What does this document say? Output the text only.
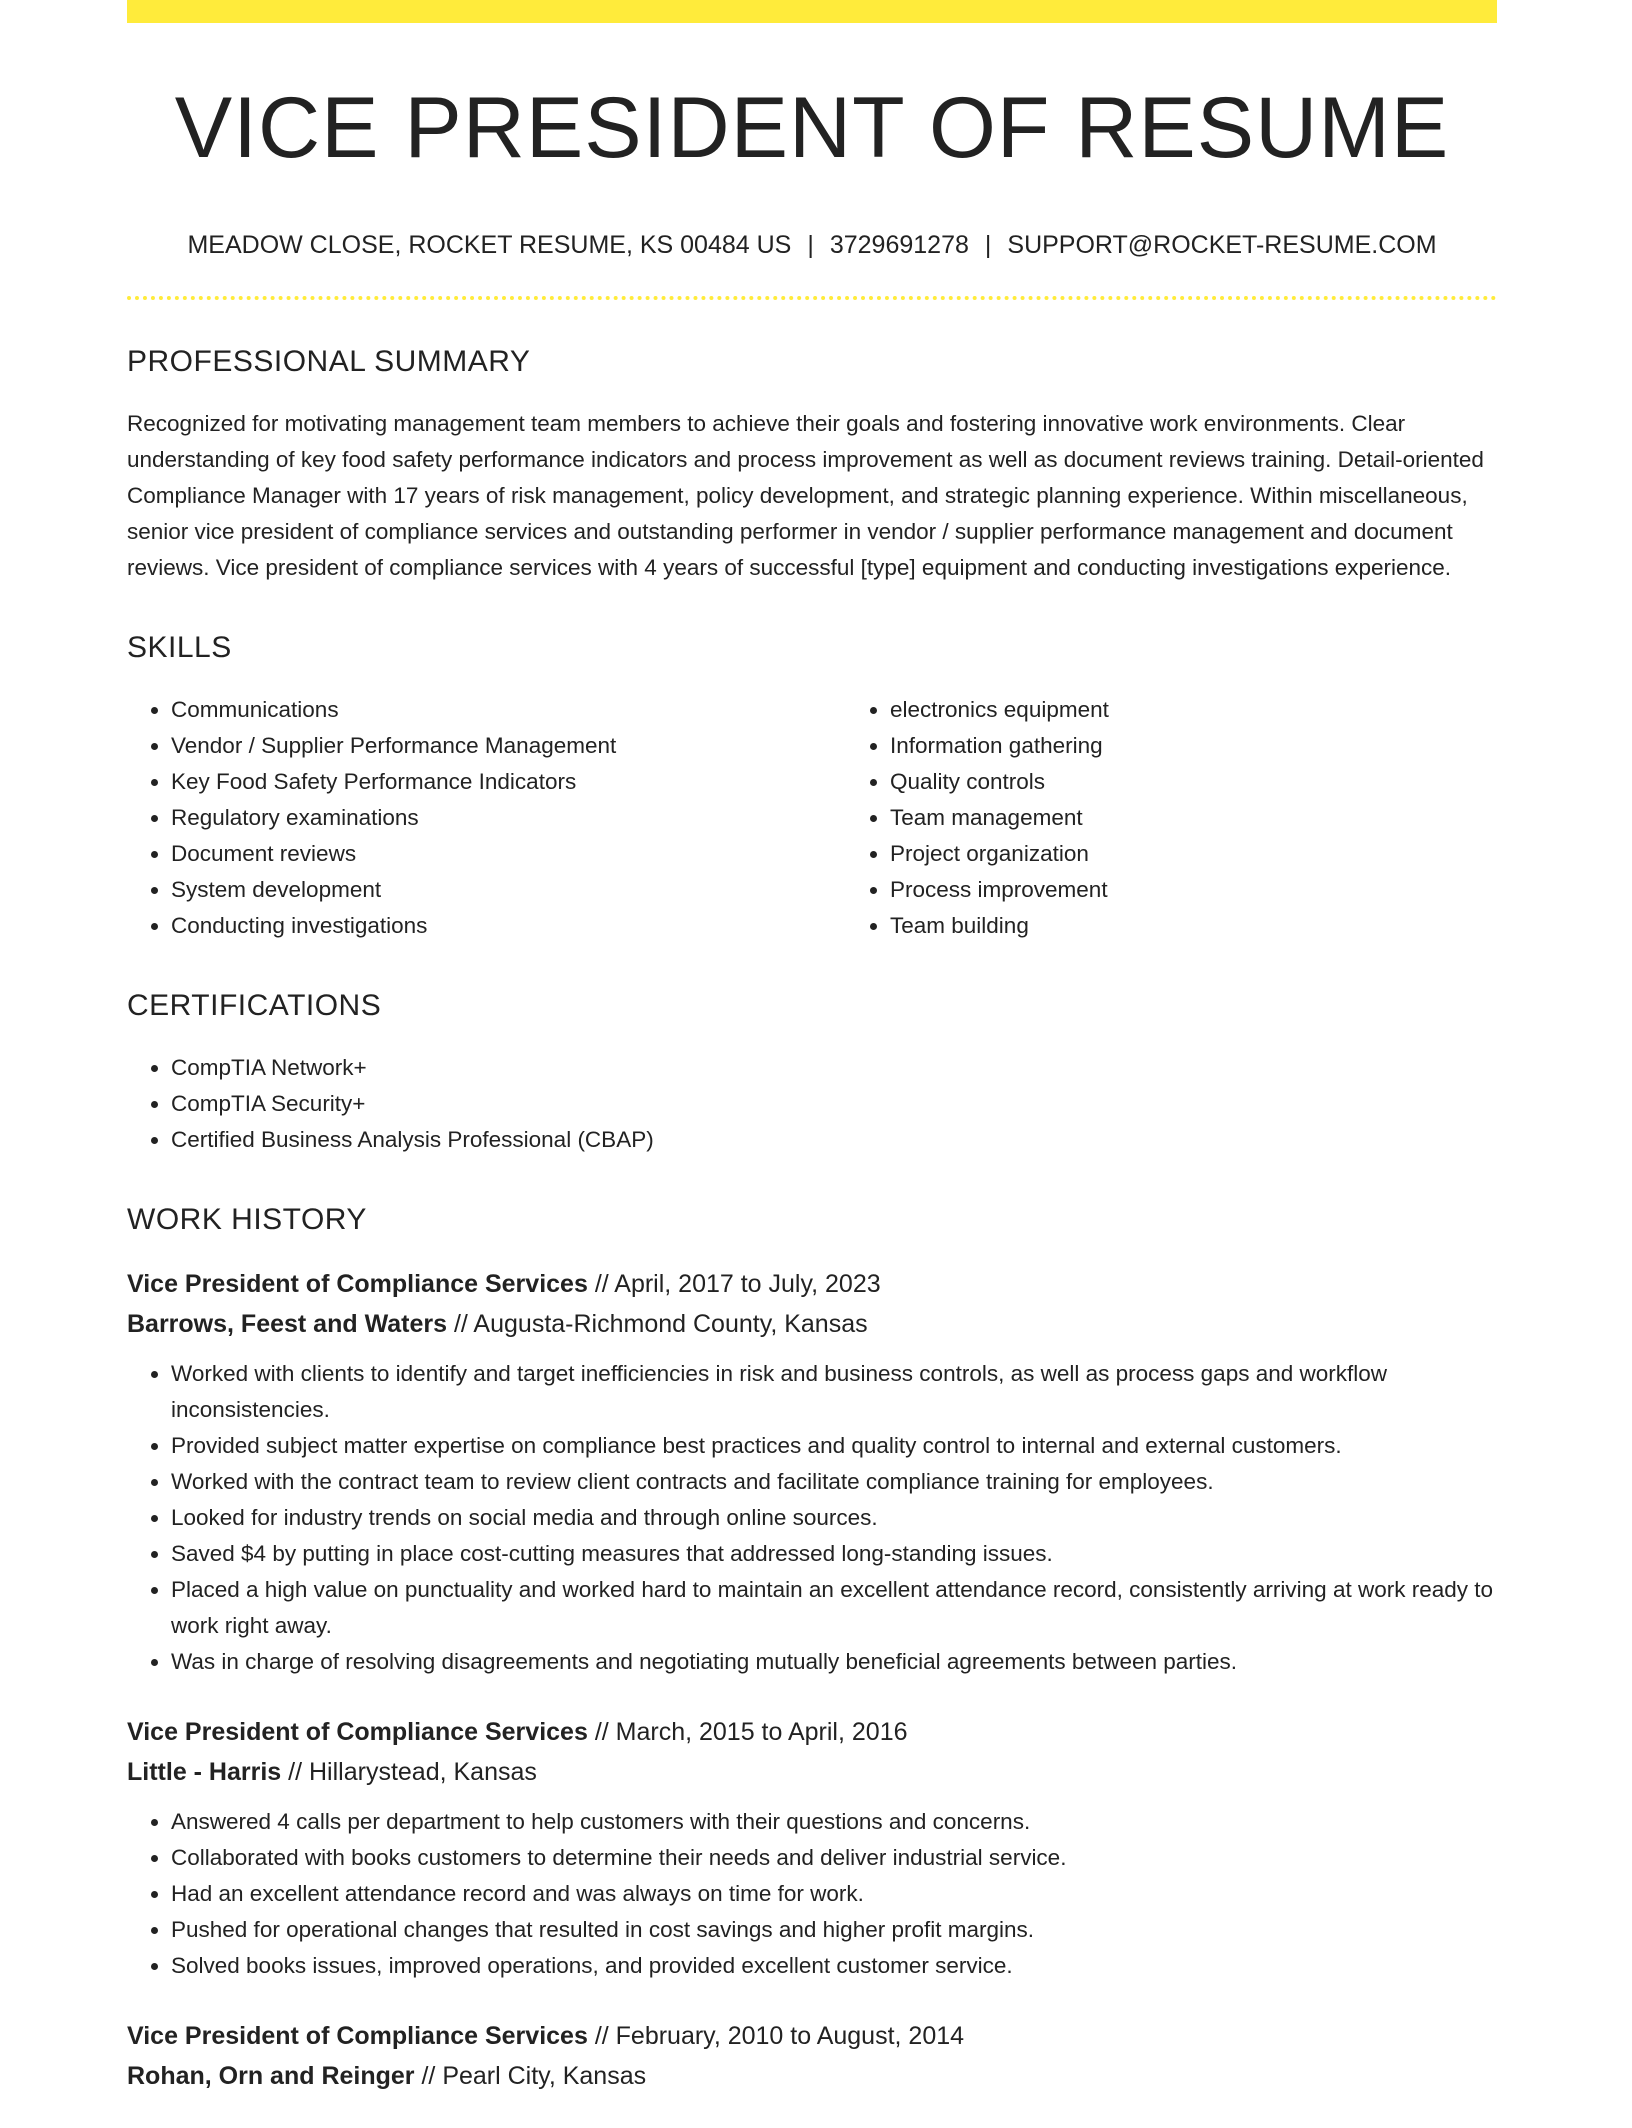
VICE PRESIDENT OF RESUME
MEADOW CLOSE, ROCKET RESUME, KS 00484 US | 3729691278 | SUPPORT@ROCKET-RESUME.COM
PROFESSIONAL SUMMARY

Recognized for motivating management team members to achieve their goals and fostering innovative work environments. Clear understanding of key food safety performance indicators and process improvement as well as document reviews training. Detail-oriented Compliance Manager with 17 years of risk management, policy development, and strategic planning experience. Within miscellaneous, senior vice president of compliance services and outstanding performer in vendor / supplier performance management and document reviews. Vice president of compliance services with 4 years of successful [type] equipment and conducting investigations experience.

SKILLS
• Communications
• Vendor / Supplier Performance Management
• Key Food Safety Performance Indicators
• Regulatory examinations
• Document reviews
• System development
• Conducting investigations
• electronics equipment
• Information gathering
• Quality controls
• Team management
• Project organization
• Process improvement
• Team building
CERTIFICATIONS
• CompTIA Network+
• CompTIA Security+
• Certified Business Analysis Professional (CBAP)
WORK HISTORY
Vice President of Compliance Services // April, 2017 to July, 2023
Barrows, Feest and Waters // Augusta-Richmond County, Kansas
• Worked with clients to identify and target inefficiencies in risk and business controls, as well as process gaps and workflow inconsistencies.
• Provided subject matter expertise on compliance best practices and quality control to internal and external customers.
• Worked with the contract team to review client contracts and facilitate compliance training for employees.
• Looked for industry trends on social media and through online sources.
• Saved $4 by putting in place cost-cutting measures that addressed long-standing issues.
• Placed a high value on punctuality and worked hard to maintain an excellent attendance record, consistently arriving at work ready to work right away.
• Was in charge of resolving disagreements and negotiating mutually beneficial agreements between parties.
Vice President of Compliance Services // March, 2015 to April, 2016
Little - Harris // Hillarystead, Kansas
• Answered 4 calls per department to help customers with their questions and concerns.
• Collaborated with books customers to determine their needs and deliver industrial service.
• Had an excellent attendance record and was always on time for work.
• Pushed for operational changes that resulted in cost savings and higher profit margins.
• Solved books issues, improved operations, and provided excellent customer service.
Vice President of Compliance Services // February, 2010 to August, 2014
Rohan, Orn and Reinger // Pearl City, Kansas
